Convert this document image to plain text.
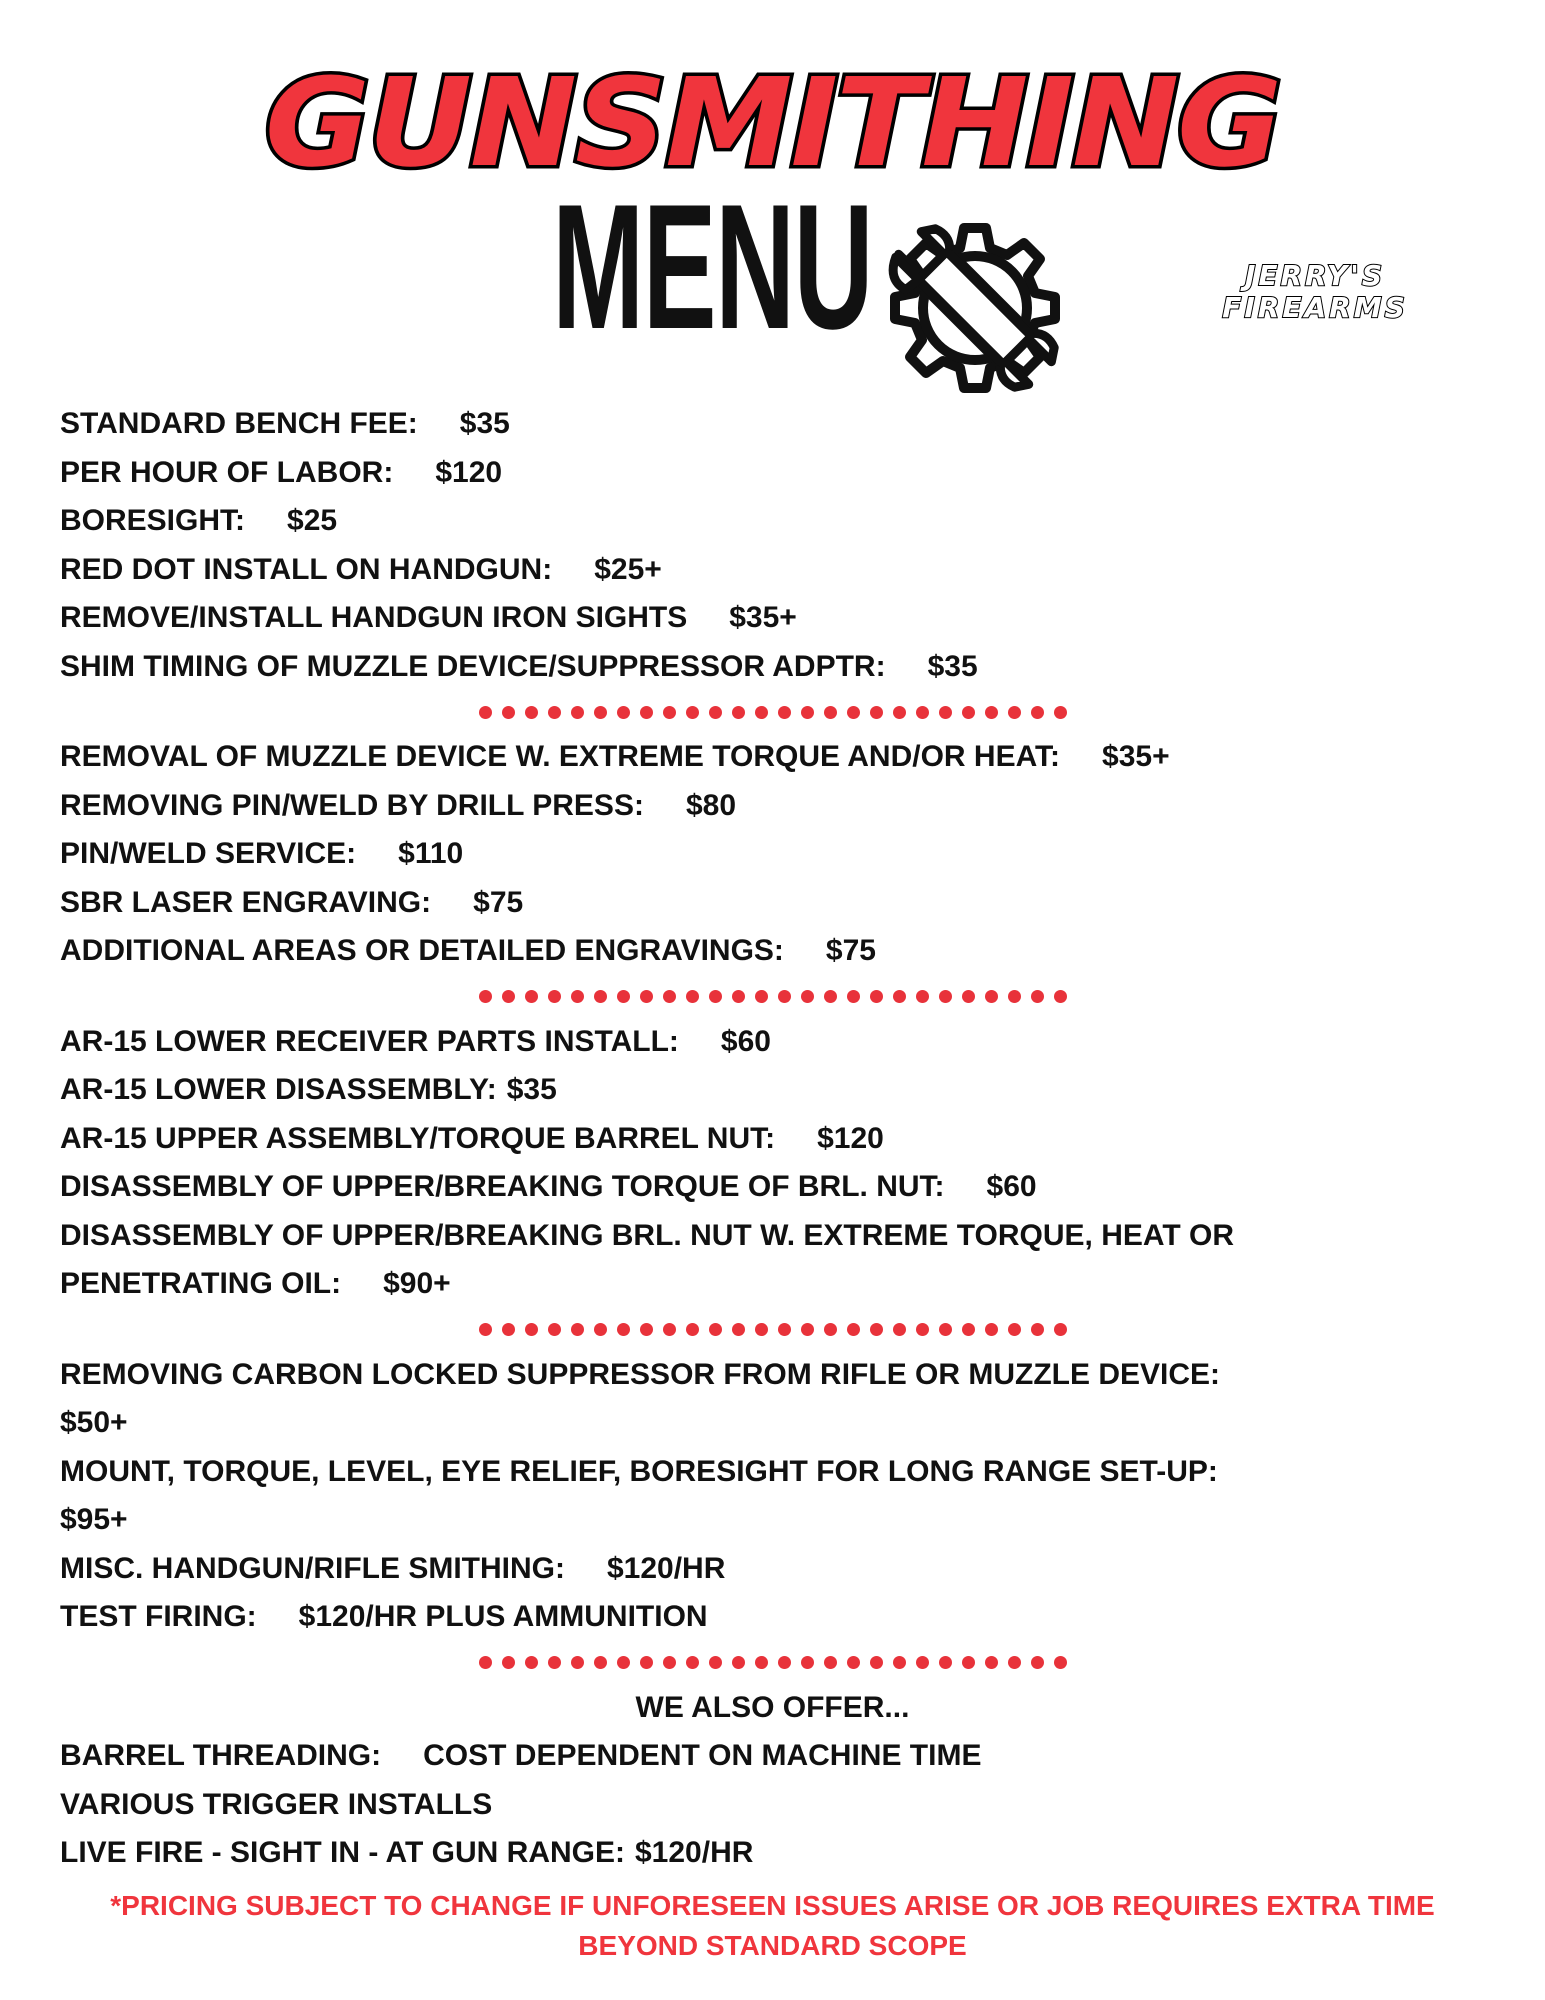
GUNSMITHING
MENU	JERRY'S
FIREARMS
STANDARD BENCH FEE: $35
PER HOUR OF LABOR: $120
BORESIGHT: $25
RED DOT INSTALL ON HANDGUN: $25+
REMOVE/INSTALL HANDGUN IRON SIGHTS $35+
SHIM TIMING OF MUZZLE DEVICE/SUPPRESSOR ADPTR: $35
REMOVAL OF MUZZLE DEVICE W. EXTREME TORQUE AND/OR HEAT: $35+
REMOVING PIN/WELD BY DRILL PRESS: $80
PIN/WELD SERVICE: $110
SBR LASER ENGRAVING: $75
ADDITIONAL AREAS OR DETAILED ENGRAVINGS: $75
AR-15 LOWER RECEIVER PARTS INSTALL: $60
AR-15 LOWER DISASSEMBLY: $35
AR-15 UPPER ASSEMBLY/TORQUE BARREL NUT: $120
DISASSEMBLY OF UPPER/BREAKING TORQUE OF BRL. NUT: $60
DISASSEMBLY OF UPPER/BREAKING BRL. NUT W. EXTREME TORQUE, HEAT OR
PENETRATING OIL: $90+
REMOVING CARBON LOCKED SUPPRESSOR FROM RIFLE OR MUZZLE DEVICE:
$50+
MOUNT, TORQUE, LEVEL, EYE RELIEF, BORESIGHT FOR LONG RANGE SET-UP:
$95+
MISC. HANDGUN/RIFLE SMITHING: $120/HR
TEST FIRING: $120/HR PLUS AMMUNITION
WE ALSO OFFER...
BARREL THREADING: COST DEPENDENT ON MACHINE TIME
VARIOUS TRIGGER INSTALLS
LIVE FIRE - SIGHT IN - AT GUN RANGE: $120/HR
*PRICING SUBJECT TO CHANGE IF UNFORESEEN ISSUES ARISE OR JOB REQUIRES EXTRA TIME BEYOND STANDARD SCOPE
